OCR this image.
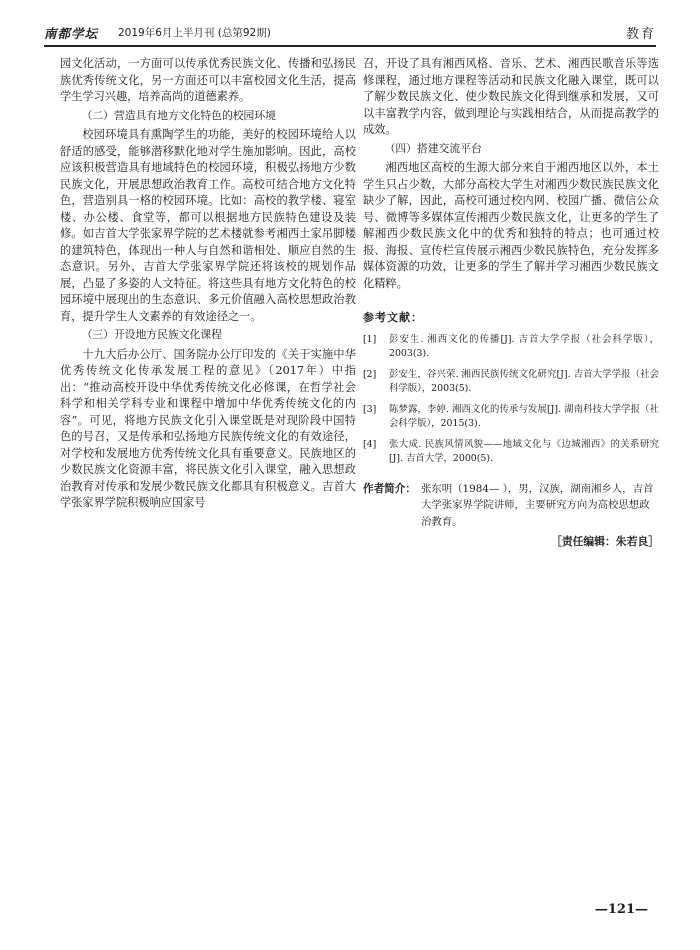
南都学坛 2019年6月上半月刊 (总第92期)	教育

园文化活动，一方面可以传承优秀民族文化、传播和弘扬民族优秀传统文化，另一方面还可以丰富校园文化生活，提高学生学习兴趣，培养高尚的道德素养。

（二）营造具有地方文化特色的校园环境

校园环境具有熏陶学生的功能，美好的校园环境给人以舒适的感受，能够潜移默化地对学生施加影响。因此，高校应该积极营造具有地域特色的校园环境，积极弘扬地方少数民族文化，开展思想政治教育工作。高校可结合地方文化特色，营造别具一格的校园环境。比如：高校的教学楼、寝室楼、办公楼、食堂等，都可以根据地方民族特色建设及装修。如吉首大学张家界学院的艺术楼就参考湘西土家吊脚楼的建筑特色，体现出一种人与自然和谐相处、顺应自然的生态意识。另外，吉首大学张家界学院还将该校的规划作品展，凸显了多姿的人文特征。将这些具有地方文化特色的校园环境中展现出的生态意识、多元价值融入高校思想政治教育，提升学生人文素养的有效途径之一。

（三）开设地方民族文化课程

十九大后办公厅、国务院办公厅印发的《关于实施中华优秀传统文化传承发展工程的意见》（2017年）中指出：“推动高校开设中华优秀传统文化必修课，在哲学社会科学和相关学科专业和课程中增加中华优秀传统文化的内容”。可见，将地方民族文化引入课堂既是对现阶段中国特色的号召，又是传承和弘扬地方民族传统文化的有效途径，对学校和发展地方优秀传统文化具有重要意义。民族地区的少数民族文化资源丰富，将民族文化引入课堂，融入思想政治教育对传承和发展少数民族文化都具有积极意义。吉首大学张家界学院积极响应国家号

召，开设了具有湘西风格、音乐、艺术、湘西民歌音乐等选修课程，通过地方课程等活动和民族文化融入课堂，既可以了解少数民族文化、使少数民族文化得到继承和发展，又可以丰富教学内容，做到理论与实践相结合，从而提高教学的成效。

（四）搭建交流平台

湘西地区高校的生源大部分来自于湘西地区以外，本土学生只占少数，大部分高校大学生对湘西少数民族民族文化缺少了解，因此，高校可通过校内网、校园广播、微信公众号、微博等多媒体宣传湘西少数民族文化，让更多的学生了解湘西少数民族文化中的优秀和独特的特点；也可通过校报、海报、宣传栏宣传展示湘西少数民族特色，充分发挥多媒体资源的功效，让更多的学生了解并学习湘西少数民族文化精粹。

参考文献：
[1] 彭安生. 湘西文化的传播[J]. 吉首大学学报（社会科学版），2003(3).
[2] 彭安生，谷兴荣. 湘西民族传统文化研究[J]. 吉首大学学报（社会科学版），2003(5).
[3] 陈梦露，李婷. 湘西文化的传承与发展[J]. 湖南科技大学学报（社会科学版），2015(3).
[4] 张大成. 民族风情风貌——地域文化与《边城湘西》的关系研究[J]. 吉首大学，2000(5).
作者简介： 张东明（1984— ），男，汉族，湖南湘乡人，吉首大学张家界学院讲师，主要研究方向为高校思想政治教育。
［责任编辑：朱若良］
—121—
